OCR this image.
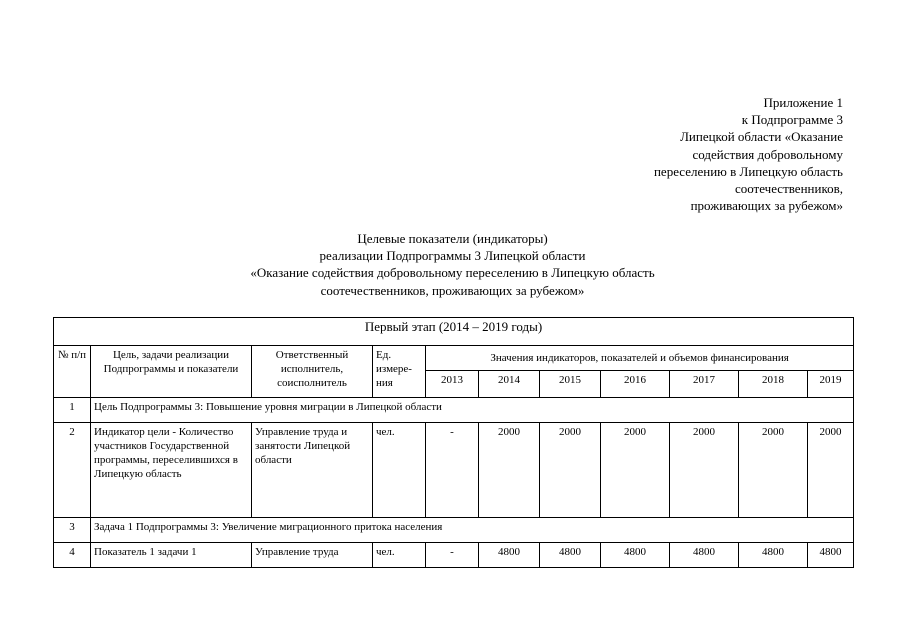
Приложение 1
к Подпрограмме 3
Липецкой области «Оказание
содействия добровольному
переселению в Липецкую область
соотечественников,
проживающих за рубежом»
Целевые показатели (индикаторы)
реализации Подпрограммы 3 Липецкой области
«Оказание содействия добровольному переселению в Липецкую область
соотечественников, проживающих за рубежом»
Первый этап (2014 – 2019 годы)										
№ п/п	Цель, задачи реализации Подпрограммы и показатели	Ответственный исполнитель, соисполнитель	Ед. измере-ния	Значения индикаторов, показателей и объемов финансирования						
				2013	2014	2015	2016	2017	2018	2019
1	Цель Подпрограммы 3: Повышение уровня миграции в Липецкой области									
2	Индикатор цели - Количество участников Государственной программы, переселившихся в Липецкую область	Управление труда и занятости Липецкой области	чел.	-	2000	2000	2000	2000	2000	2000
3	Задача 1 Подпрограммы 3: Увеличение миграционного притока населения									
4	Показатель 1 задачи 1	Управление труда	чел.	-	4800	4800	4800	4800	4800	4800
